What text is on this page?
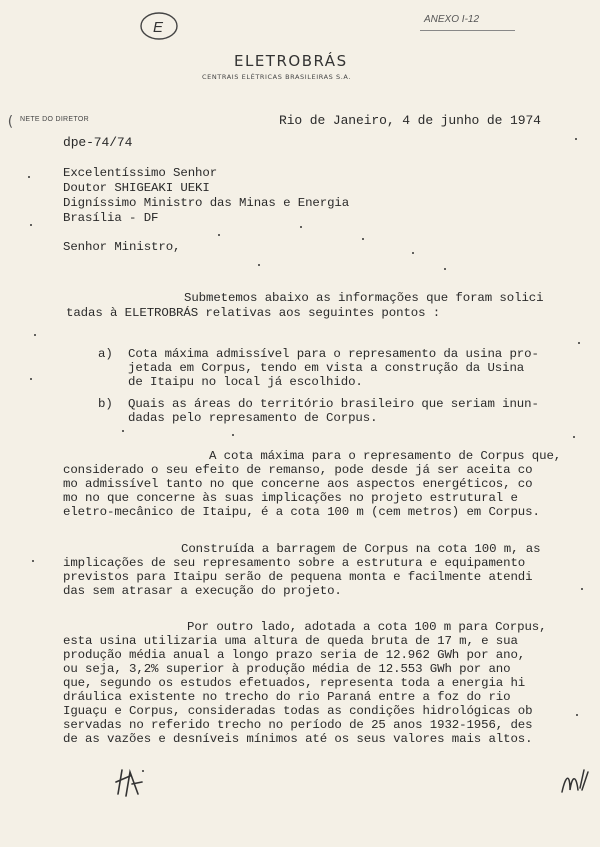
E	ANEXO I-12
ELETROBRÁS
CENTRAIS ELÉTRICAS BRASILEIRAS S.A.
NETE DO DIRETOR
(	Rio de Janeiro, 4 de junho de 1974
dpe-74/74
Excelentíssimo Senhor
Doutor SHIGEAKI UEKI
Digníssimo Ministro das Minas e Energia
Brasília - DF
Senhor Ministro,
Submetemos abaixo as informações que foram solici
tadas à ELETROBRÁS relativas aos seguintes pontos :
a) Cota máxima admissível para o represamento da usina pro-
jetada em Corpus, tendo em vista a construção da Usina
de Itaipu no local já escolhido.
b) Quais as áreas do território brasileiro que seriam inun-
dadas pelo represamento de Corpus.
A cota máxima para o represamento de Corpus que,
considerado o seu efeito de remanso, pode desde já ser aceita co
mo admissível tanto no que concerne aos aspectos energéticos, co
mo no que concerne às suas implicações no projeto estrutural e
eletro-mecânico de Itaipu, é a cota 100 m (cem metros) em Corpus.
Construída a barragem de Corpus na cota 100 m, as
implicações de seu represamento sobre a estrutura e equipamento
previstos para Itaipu serão de pequena monta e facilmente atendi
das sem atrasar a execução do projeto.
Por outro lado, adotada a cota 100 m para Corpus,
esta usina utilizaria uma altura de queda bruta de 17 m, e sua
produção média anual a longo prazo seria de 12.962 GWh por ano,
ou seja, 3,2% superior à produção média de 12.553 GWh por ano
que, segundo os estudos efetuados, representa toda a energia hi
dráulica existente no trecho do rio Paraná entre a foz do rio
Iguaçu e Corpus, consideradas todas as condições hidrológicas ob
servadas no referido trecho no período de 25 anos 1932-1956, des
de as vazões e desníveis mínimos até os seus valores mais altos.
